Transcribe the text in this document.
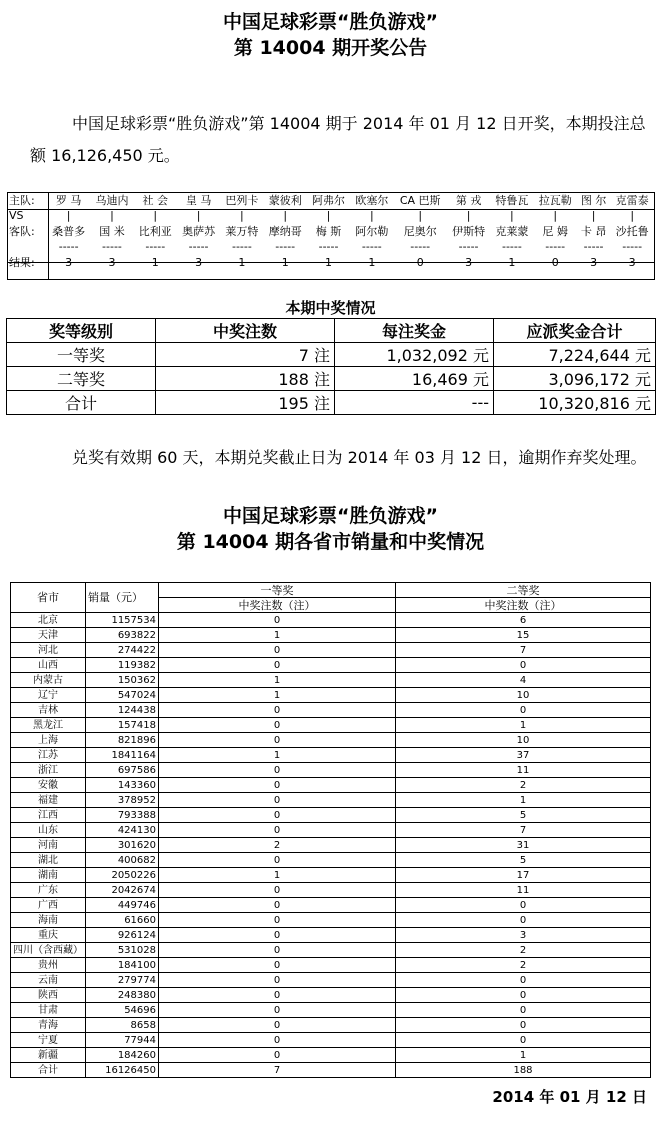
中国足球彩票“胜负游戏”
第 14004 期开奖公告
中国足球彩票“胜负游戏”第 14004 期于 2014 年 01 月 12 日开奖，本期投注总额 16,126,450 元。
主队:	罗 马	乌迪内	社 会	皇 马	巴列卡	蒙彼利	阿弗尔	欧塞尔	CA 巴斯	第 戎	特鲁瓦	拉瓦勒	图 尔	克雷泰
VS	|	|	|	|	|	|	|	|	|	|	|	|	|	|
客队:	桑普多	国 米	比利亚	奥萨苏	莱万特	摩纳哥	梅 斯	阿尔勒	尼奥尔	伊斯特	克莱蒙	尼 姆	卡 昂	沙托鲁
	-----	-----	-----	-----	-----	-----	-----	-----	-----	-----	-----	-----	-----	-----
结果:	3	3	1	3	1	1	1	1	0	3	1	0	3	3
本期中奖情况
奖等级别	中奖注数	每注奖金	应派奖金合计
一等奖	7 注	1,032,092 元	7,224,644 元
二等奖	188 注	16,469 元	3,096,172 元
合计	195 注	---	10,320,816 元
兑奖有效期 60 天，本期兑奖截止日为 2014 年 03 月 12 日，逾期作弃奖处理。
中国足球彩票“胜负游戏”
第 14004 期各省市销量和中奖情况
省市	销量（元）	一等奖	二等奖
		中奖注数（注）	中奖注数（注）
北京	1157534	0	6
天津	693822	1	15
河北	274422	0	7
山西	119382	0	0
内蒙古	150362	1	4
辽宁	547024	1	10
吉林	124438	0	0
黑龙江	157418	0	1
上海	821896	0	10
江苏	1841164	1	37
浙江	697586	0	11
安徽	143360	0	2
福建	378952	0	1
江西	793388	0	5
山东	424130	0	7
河南	301620	2	31
湖北	400682	0	5
湖南	2050226	1	17
广东	2042674	0	11
广西	449746	0	0
海南	61660	0	0
重庆	926124	0	3
四川（含西藏）	531028	0	2
贵州	184100	0	2
云南	279774	0	0
陕西	248380	0	0
甘肃	54696	0	0
青海	8658	0	0
宁夏	77944	0	0
新疆	184260	0	1
合计	16126450	7	188
2014 年 01 月 12 日
